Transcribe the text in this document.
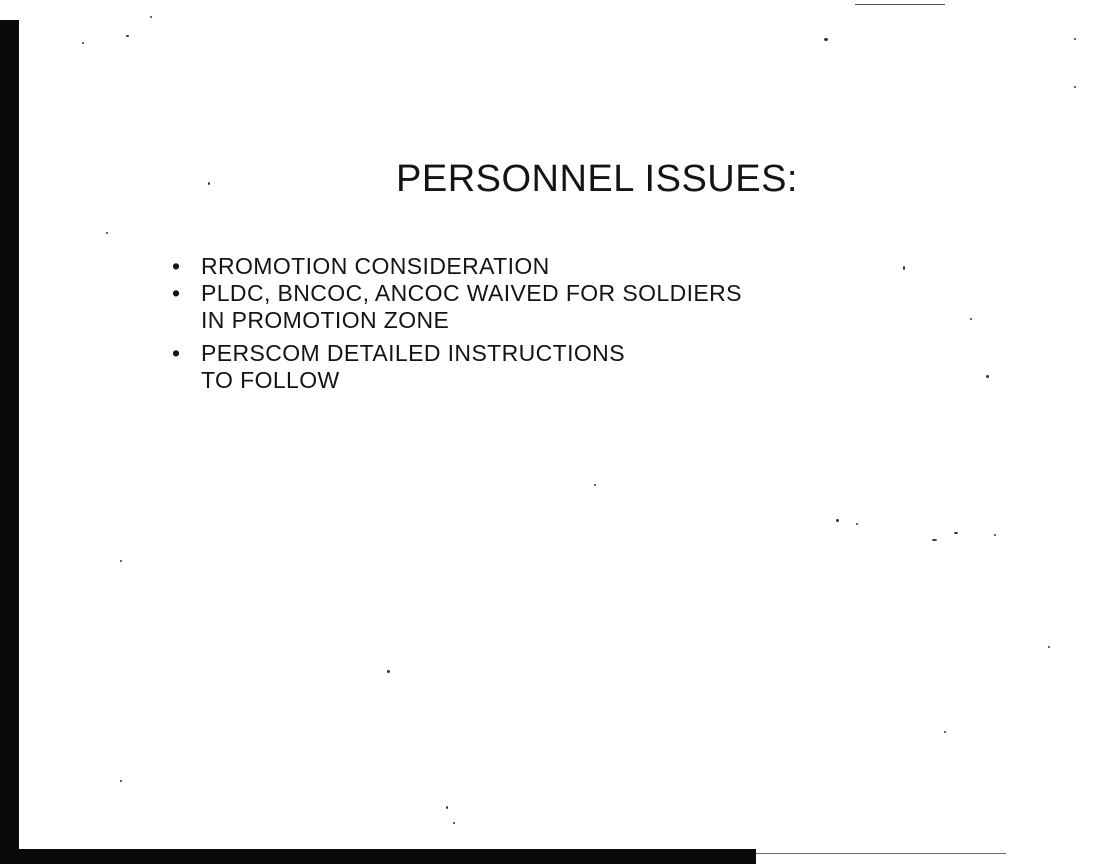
PERSONNEL ISSUES:
• RROMOTION CONSIDERATION
• PLDC, BNCOC, ANCOC WAIVED FOR SOLDIERS
IN PROMOTION ZONE
• PERSCOM DETAILED INSTRUCTIONS
TO FOLLOW
